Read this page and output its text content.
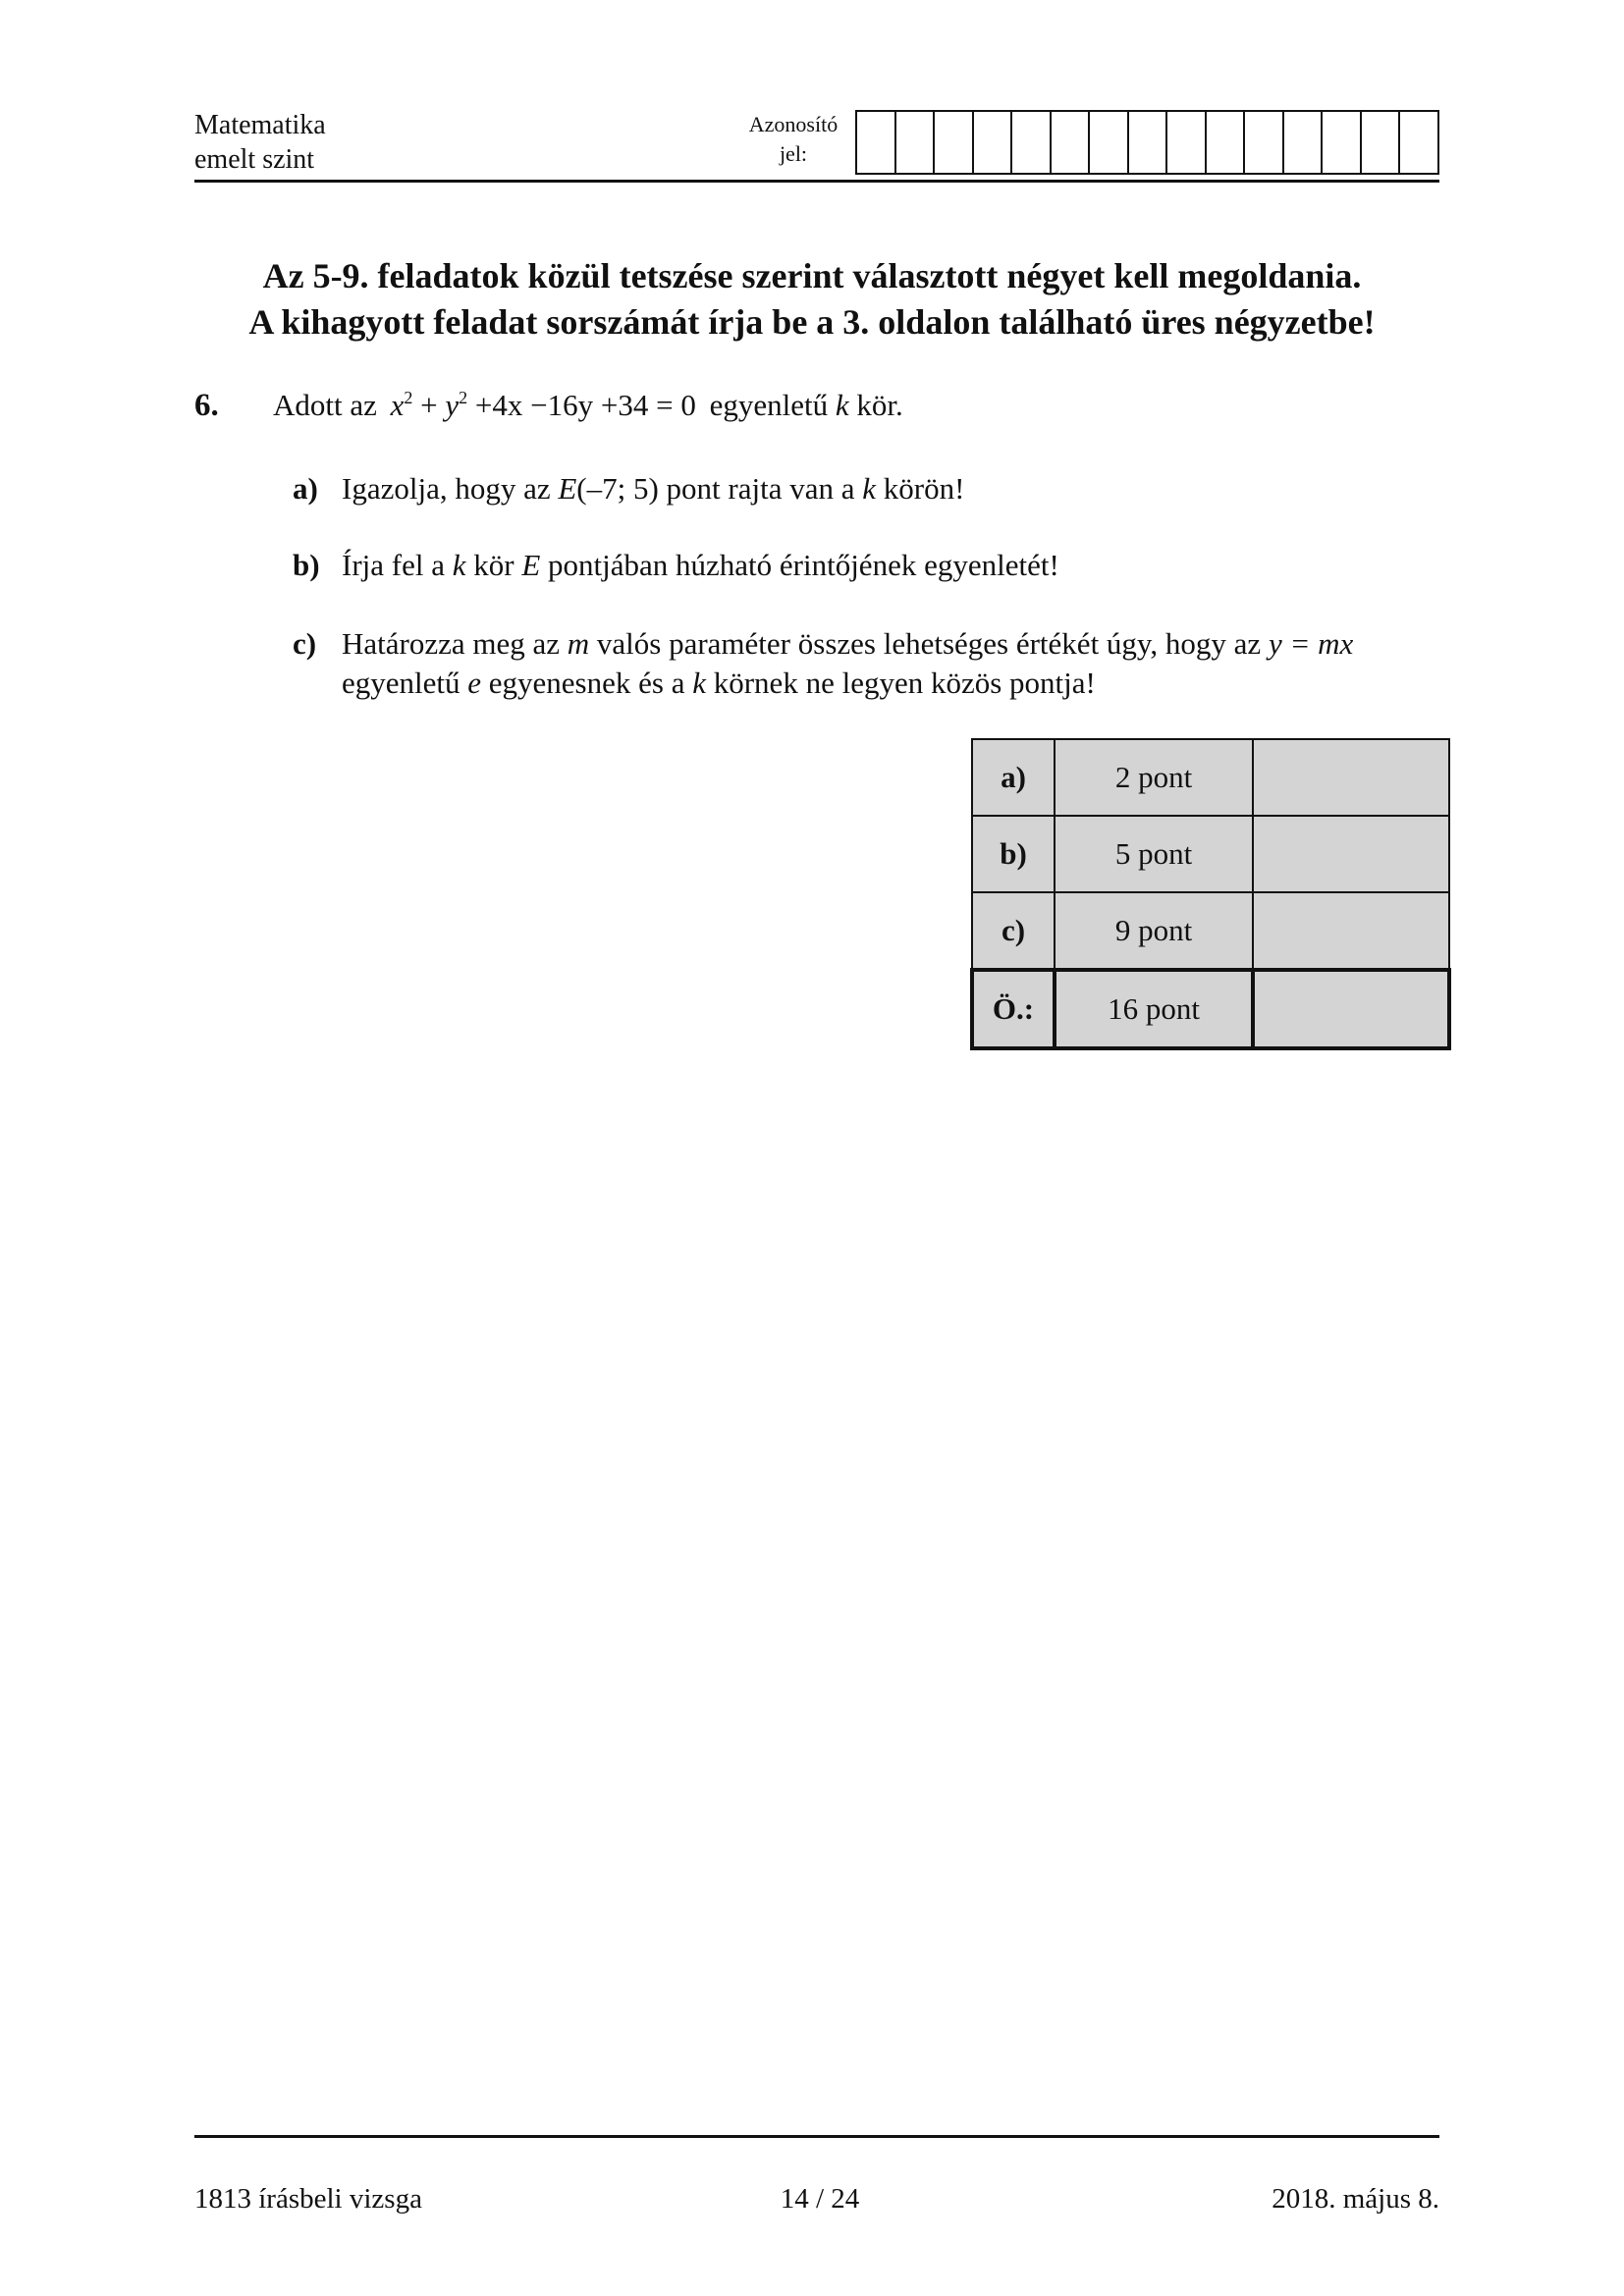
Matematika
emelt szint
Azonosító
jel:
Az 5-9. feladatok közül tetszése szerint választott négyet kell megoldania.
A kihagyott feladat sorszámát írja be a 3. oldalon található üres négyzetbe!
6. Adott az $x^2 + y^2 +4x -16y +34 = 0$ egyenletű k kör.
a) Igazolja, hogy az E(–7; 5) pont rajta van a k körön!
b) Írja fel a k kör E pontjában húzható érintőjének egyenletét!
c) Határozza meg az m valós paraméter összes lehetséges értékét úgy, hogy az y = mx
egyenletű e egyenesnek és a k körnek ne legyen közös pontja!
a)	2 pont	
b)	5 pont	
c)	9 pont	
Ö.:	16 pont	
1813 írásbeli vizsga	14 / 24	2018. május 8.
